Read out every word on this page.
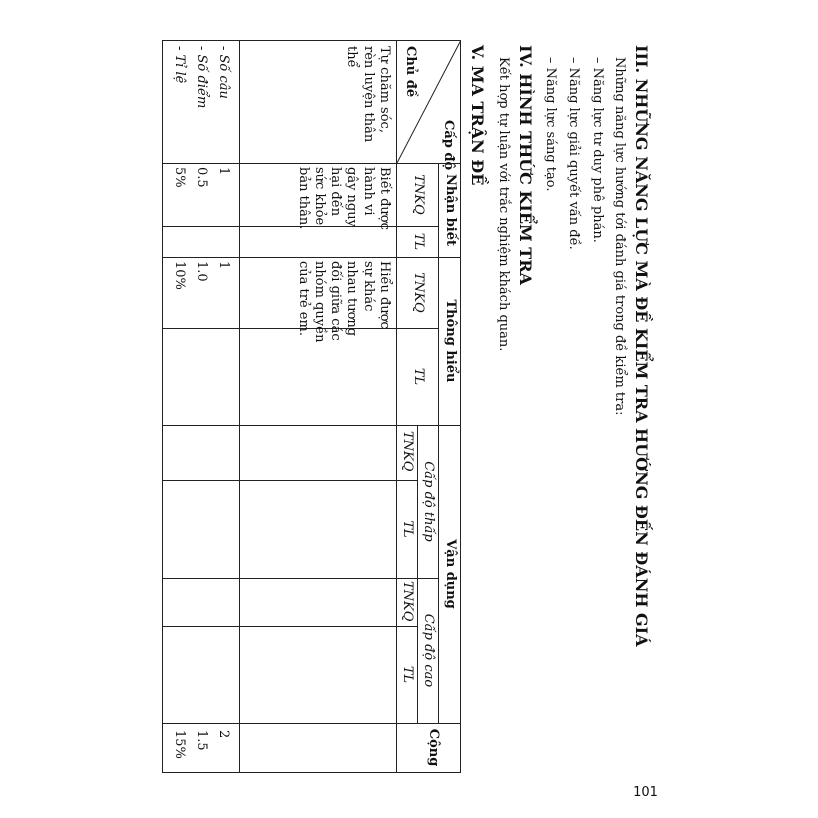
III. NHỮNG NĂNG LỰC MÀ ĐỀ KIỂM TRA HƯỚNG ĐẾN ĐÁNH GIÁ
Những năng lực hướng tới đánh giá trong đề kiểm tra:
– Năng lực tư duy phê phán.
– Năng lực giải quyết vấn đề.
– Năng lực sáng tạo.
IV. HÌNH THỨC KIỂM TRA
Kết hợp tự luận với trắc nghiệm khách quan.
V. MA TRẬN ĐỀ
Cấp độ
Chủ đề
Nhận biết
Thông hiểu
Vận dụng
Cộng
Cấp độ thấp
Cấp độ cao
TNKQ
TL
TNKQ
TL
TNKQ
TL
TNKQ
TL
Tự chăm sóc,
rèn luyện thân
thể
Biết được
hành vi
gây nguy
hại đến
sức khỏe
bản thân.
Hiểu được
sự khác
nhau tương
đối giữa các
nhóm quyền
của trẻ em.
- Số câu
- Số điểm
- Tỉ lệ
1
0.5
5%
1
1.0
10%
2
1.5
15%
101
